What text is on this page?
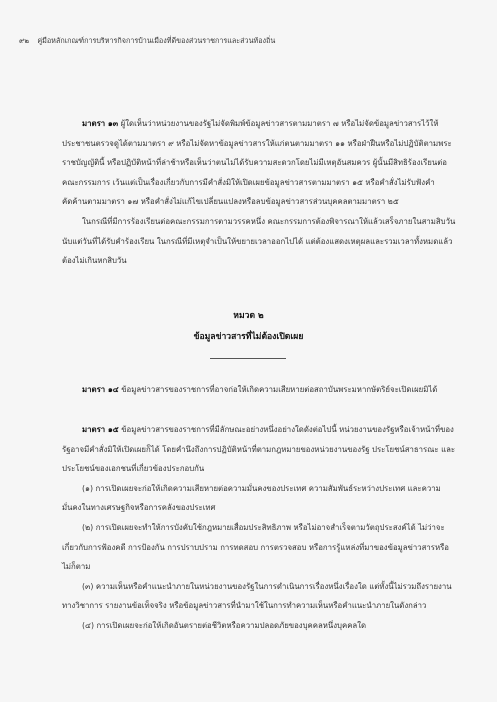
๙๒ คู่มือหลักเกณฑ์การบริหารกิจการบ้านเมืองที่ดีของส่วนราชการและส่วนท้องถิ่น

มาตรา ๑๓ ผู้ใดเห็นว่าหน่วยงานของรัฐไม่จัดพิมพ์ข้อมูลข่าวสารตามมาตรา ๗ หรือไม่จัดข้อมูลข่าวสารไว้ให้ประชาชนตรวจดูได้ตามมาตรา ๙ หรือไม่จัดหาข้อมูลข่าวสารให้แก่ตนตามมาตรา ๑๑ หรือฝ่าฝืนหรือไม่ปฏิบัติตามพระราชบัญญัตินี้ หรือปฏิบัติหน้าที่ล่าช้าหรือเห็นว่าตนไม่ได้รับความสะดวกโดยไม่มีเหตุอันสมควร ผู้นั้นมีสิทธิร้องเรียนต่อคณะกรรมการ เว้นแต่เป็นเรื่องเกี่ยวกับการมีคำสั่งมิให้เปิดเผยข้อมูลข่าวสารตามมาตรา ๑๕ หรือคำสั่งไม่รับฟังคำคัดค้านตามมาตรา ๑๗ หรือคำสั่งไม่แก้ไขเปลี่ยนแปลงหรือลบข้อมูลข่าวสารส่วนบุคคลตามมาตรา ๒๕

ในกรณีที่มีการร้องเรียนต่อคณะกรรมการตามวรรคหนึ่ง คณะกรรมการต้องพิจารณาให้แล้วเสร็จภายในสามสิบวันนับแต่วันที่ได้รับคำร้องเรียน ในกรณีที่มีเหตุจำเป็นให้ขยายเวลาออกไปได้ แต่ต้องแสดงเหตุผลและรวมเวลาทั้งหมดแล้วต้องไม่เกินหกสิบวัน

หมวด ๒
ข้อมูลข่าวสารที่ไม่ต้องเปิดเผย

มาตรา ๑๔ ข้อมูลข่าวสารของราชการที่อาจก่อให้เกิดความเสียหายต่อสถาบันพระมหากษัตริย์จะเปิดเผยมิได้

มาตรา ๑๕ ข้อมูลข่าวสารของราชการที่มีลักษณะอย่างหนึ่งอย่างใดดังต่อไปนี้ หน่วยงานของรัฐหรือเจ้าหน้าที่ของรัฐอาจมีคำสั่งมิให้เปิดเผยก็ได้ โดยคำนึงถึงการปฏิบัติหน้าที่ตามกฎหมายของหน่วยงานของรัฐ ประโยชน์สาธารณะ และประโยชน์ของเอกชนที่เกี่ยวข้องประกอบกัน

(๑) การเปิดเผยจะก่อให้เกิดความเสียหายต่อความมั่นคงของประเทศ ความสัมพันธ์ระหว่างประเทศ และความมั่นคงในทางเศรษฐกิจหรือการคลังของประเทศ

(๒) การเปิดเผยจะทำให้การบังคับใช้กฎหมายเสื่อมประสิทธิภาพ หรือไม่อาจสำเร็จตามวัตถุประสงค์ได้ ไม่ว่าจะเกี่ยวกับการฟ้องคดี การป้องกัน การปราบปราม การทดสอบ การตรวจสอบ หรือการรู้แหล่งที่มาของข้อมูลข่าวสารหรือไม่ก็ตาม

(๓) ความเห็นหรือคำแนะนำภายในหน่วยงานของรัฐในการดำเนินการเรื่องหนึ่งเรื่องใด แต่ทั้งนี้ไม่รวมถึงรายงานทางวิชาการ รายงานข้อเท็จจริง หรือข้อมูลข่าวสารที่นำมาใช้ในการทำความเห็นหรือคำแนะนำภายในดังกล่าว

(๔) การเปิดเผยจะก่อให้เกิดอันตรายต่อชีวิตหรือความปลอดภัยของบุคคลหนึ่งบุคคลใด
